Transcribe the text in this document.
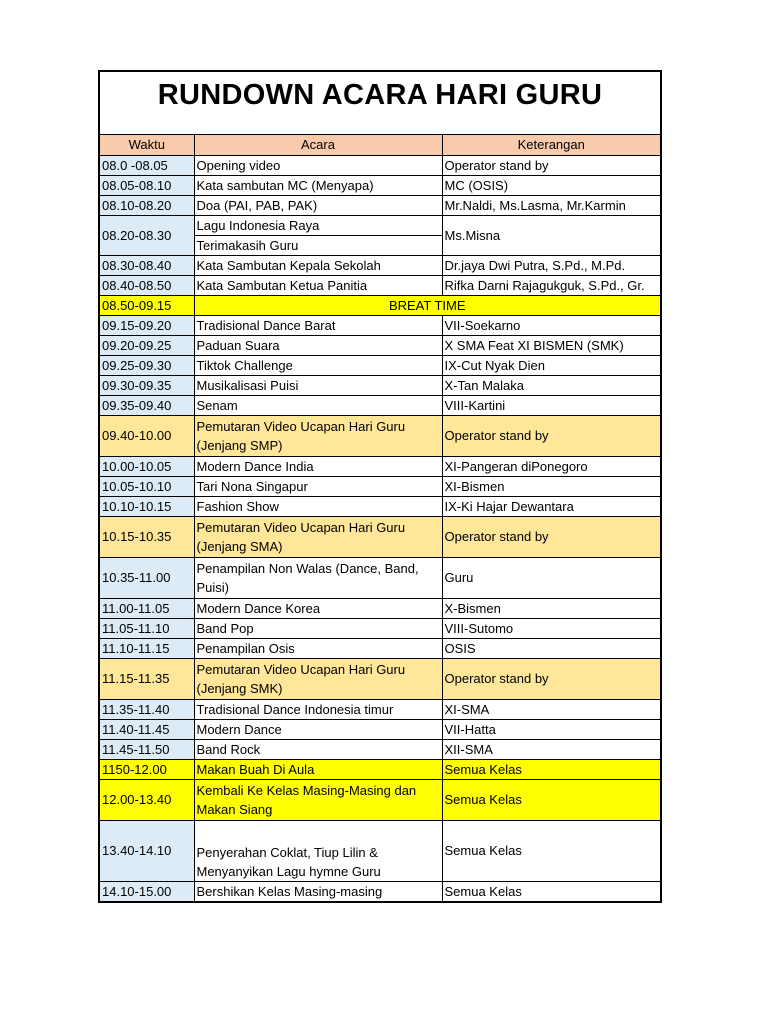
RUNDOWN ACARA HARI GURU
Waktu	Acara	Keterangan
08.0 -08.05	Opening video	Operator stand by
08.05-08.10	Kata sambutan MC (Menyapa)	MC (OSIS)
08.10-08.20	Doa (PAI, PAB, PAK)	Mr.Naldi, Ms.Lasma, Mr.Karmin
08.20-08.30	Lagu Indonesia Raya	Ms.Misna
	Terimakasih Guru	
08.30-08.40	Kata Sambutan Kepala Sekolah	Dr.jaya Dwi Putra, S.Pd., M.Pd.
08.40-08.50	Kata Sambutan Ketua Panitia	Rifka Darni Rajagukguk, S.Pd., Gr.
08.50-09.15	BREAT TIME	
09.15-09.20	Tradisional Dance Barat	VII-Soekarno
09.20-09.25	Paduan Suara	X SMA Feat XI BISMEN (SMK)
09.25-09.30	Tiktok Challenge	IX-Cut Nyak Dien
09.30-09.35	Musikalisasi Puisi	X-Tan Malaka
09.35-09.40	Senam	VIII-Kartini
09.40-10.00	Pemutaran Video Ucapan Hari Guru (Jenjang SMP)	Operator stand by
10.00-10.05	Modern Dance India	XI-Pangeran diPonegoro
10.05-10.10	Tari Nona Singapur	XI-Bismen
10.10-10.15	Fashion Show	IX-Ki Hajar Dewantara
10.15-10.35	Pemutaran Video Ucapan Hari Guru (Jenjang SMA)	Operator stand by
10.35-11.00	Penampilan Non Walas (Dance, Band, Puisi)	Guru
11.00-11.05	Modern Dance Korea	X-Bismen
11.05-11.10	Band Pop	VIII-Sutomo
11.10-11.15	Penampilan Osis	OSIS
11.15-11.35	Pemutaran Video Ucapan Hari Guru (Jenjang SMK)	Operator stand by
11.35-11.40	Tradisional Dance Indonesia timur	XI-SMA
11.40-11.45	Modern Dance	VII-Hatta
11.45-11.50	Band Rock	XII-SMA
1150-12.00	Makan Buah Di Aula	Semua Kelas
12.00-13.40	Kembali Ke Kelas Masing-Masing dan Makan Siang	Semua Kelas
13.40-14.10	Penyerahan Coklat, Tiup Lilin & Menyanyikan Lagu hymne Guru	Semua Kelas
14.10-15.00	Bershikan Kelas Masing-masing	Semua Kelas
